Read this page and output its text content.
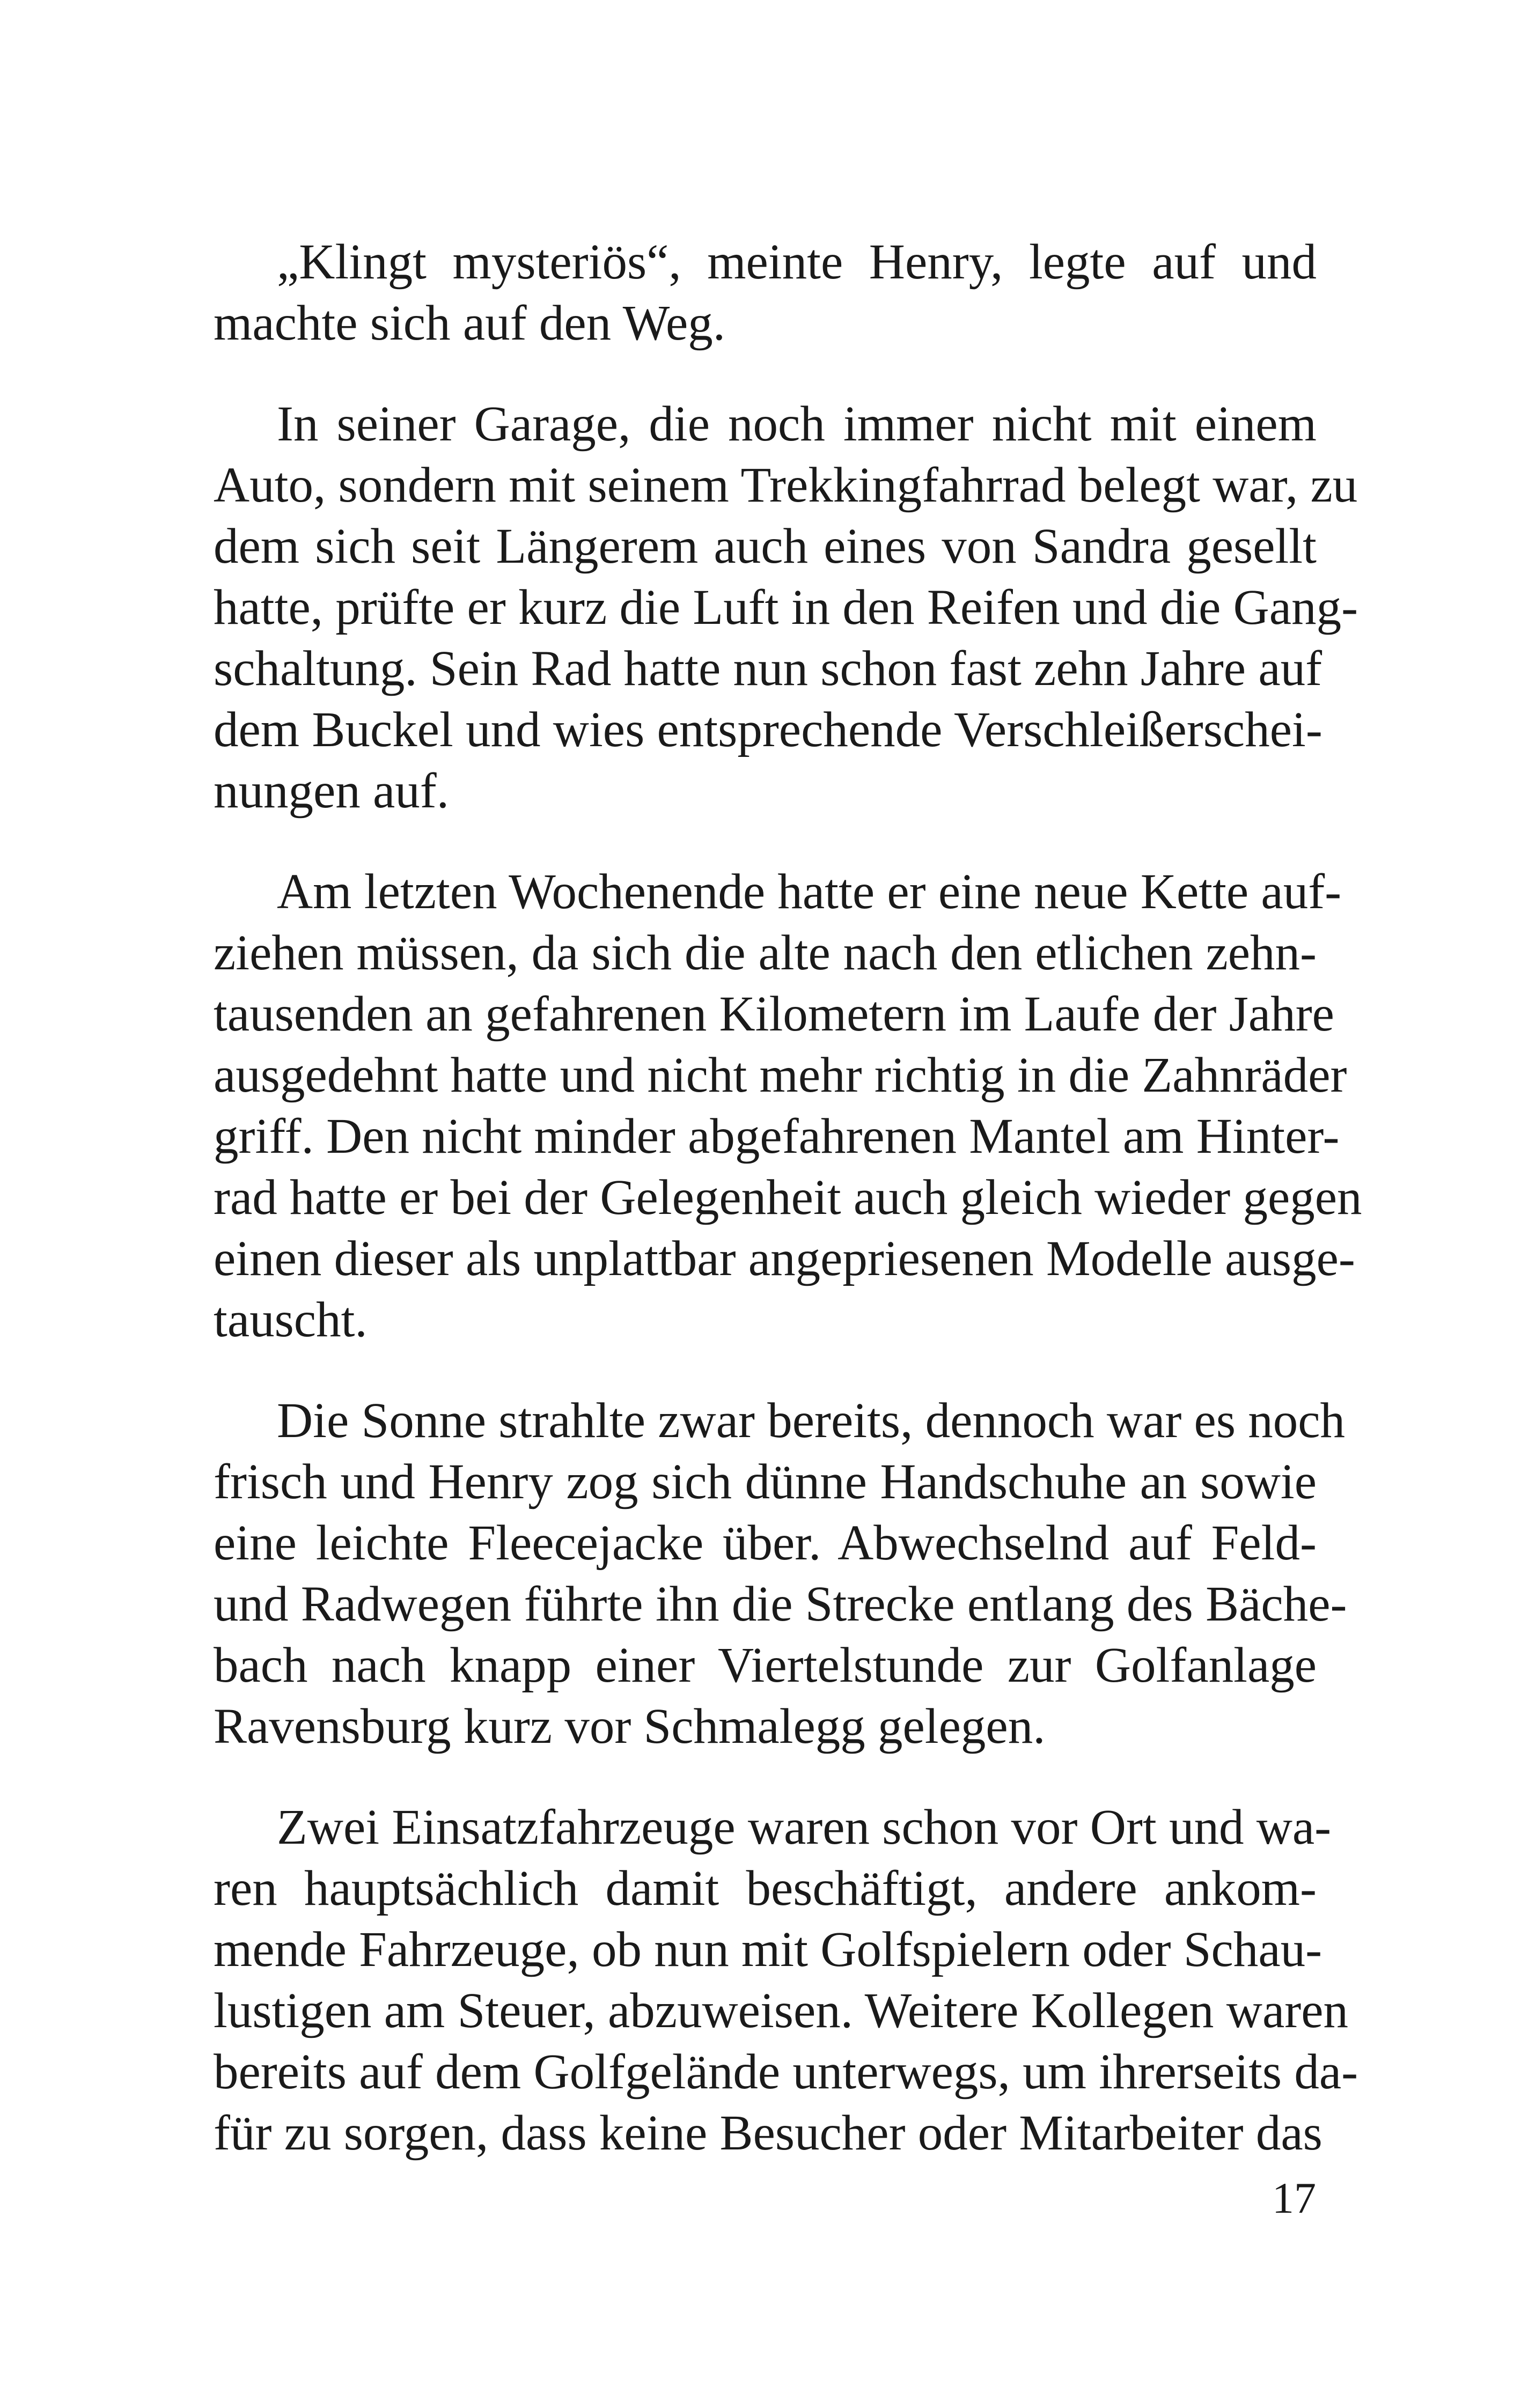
„Klingt mysteriös“, meinte Henry, legte auf und
machte sich auf den Weg.
In seiner Garage, die noch immer nicht mit einem
Auto, sondern mit seinem Trekkingfahrrad belegt war, zu
dem sich seit Längerem auch eines von Sandra gesellt
hatte, prüfte er kurz die Luft in den Reifen und die Gang-
schaltung. Sein Rad hatte nun schon fast zehn Jahre auf
dem Buckel und wies entsprechende Verschleißerschei-
nungen auf.
Am letzten Wochenende hatte er eine neue Kette auf-
ziehen müssen, da sich die alte nach den etlichen zehn-
tausenden an gefahrenen Kilometern im Laufe der Jahre
ausgedehnt hatte und nicht mehr richtig in die Zahnräder
griff. Den nicht minder abgefahrenen Mantel am Hinter-
rad hatte er bei der Gelegenheit auch gleich wieder gegen
einen dieser als unplattbar angepriesenen Modelle ausge-
tauscht.
Die Sonne strahlte zwar bereits, dennoch war es noch
frisch und Henry zog sich dünne Handschuhe an sowie
eine leichte Fleecejacke über. Abwechselnd auf Feld-
und Radwegen führte ihn die Strecke entlang des Bäche-
bach nach knapp einer Viertelstunde zur Golfanlage
Ravensburg kurz vor Schmalegg gelegen.
Zwei Einsatzfahrzeuge waren schon vor Ort und wa-
ren hauptsächlich damit beschäftigt, andere ankom-
mende Fahrzeuge, ob nun mit Golfspielern oder Schau-
lustigen am Steuer, abzuweisen. Weitere Kollegen waren
bereits auf dem Golfgelände unterwegs, um ihrerseits da-
für zu sorgen, dass keine Besucher oder Mitarbeiter das
17
